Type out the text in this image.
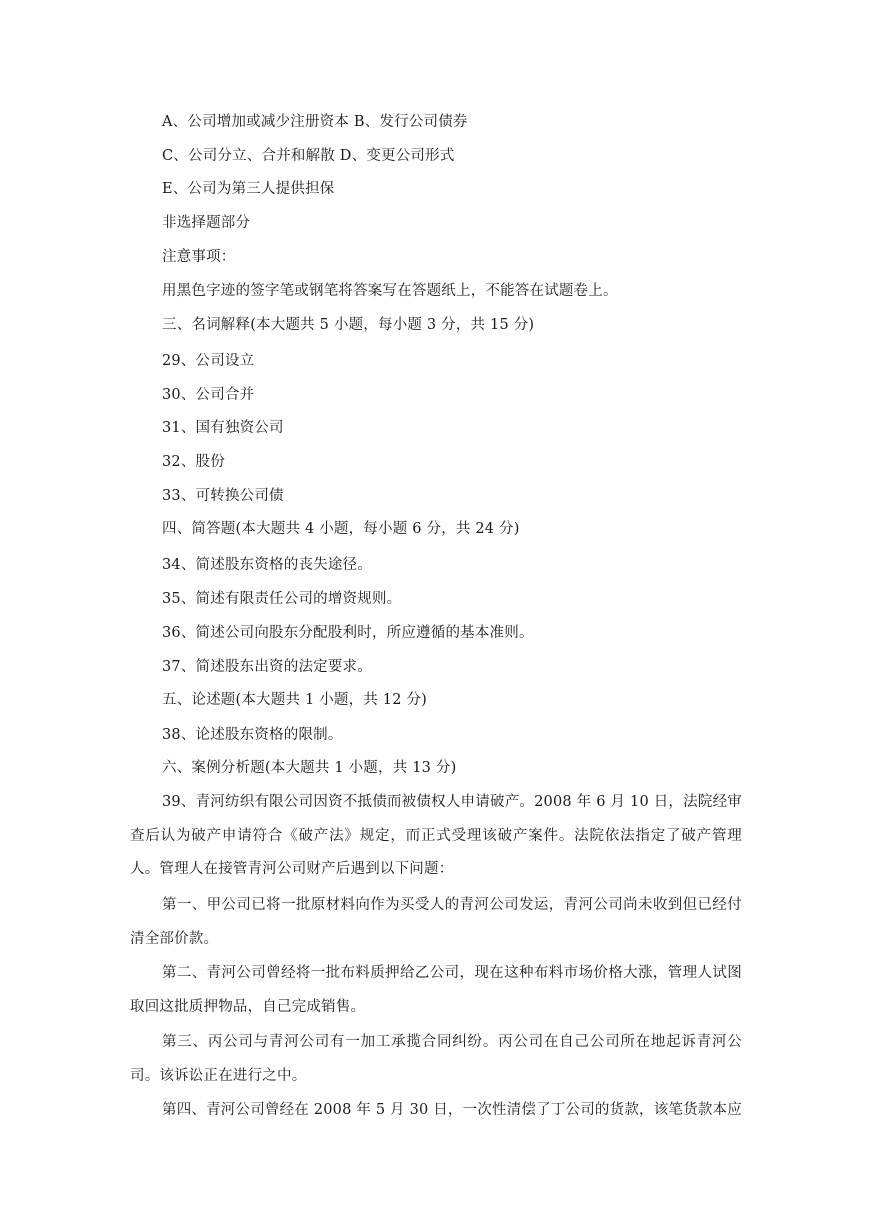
A、公司增加或减少注册资本 B、发行公司债券
C、公司分立、合并和解散 D、变更公司形式
E、公司为第三人提供担保
非选择题部分
注意事项：
用黑色字迹的签字笔或钢笔将答案写在答题纸上，不能答在试题卷上。
三、名词解释(本大题共 5 小题，每小题 3 分，共 15 分)
29、公司设立
30、公司合并
31、国有独资公司
32、股份
33、可转换公司债
四、简答题(本大题共 4 小题，每小题 6 分，共 24 分)
34、简述股东资格的丧失途径。
35、简述有限责任公司的增资规则。
36、简述公司向股东分配股利时，所应遵循的基本准则。
37、简述股东出资的法定要求。
五、论述题(本大题共 1 小题，共 12 分)
38、论述股东资格的限制。
六、案例分析题(本大题共 1 小题，共 13 分)
39、青河纺织有限公司因资不抵债而被债权人申请破产。2008 年 6 月 10 日，法院经审查后认为破产申请符合《破产法》规定，而正式受理该破产案件。法院依法指定了破产管理人。管理人在接管青河公司财产后遇到以下问题：
第一、甲公司已将一批原材料向作为买受人的青河公司发运，青河公司尚未收到但已经付清全部价款。
第二、青河公司曾经将一批布料质押给乙公司，现在这种布料市场价格大涨，管理人试图取回这批质押物品，自己完成销售。
第三、丙公司与青河公司有一加工承揽合同纠纷。丙公司在自己公司所在地起诉青河公司。该诉讼正在进行之中。
第四、青河公司曾经在 2008 年 5 月 30 日，一次性清偿了丁公司的货款，该笔货款本应
